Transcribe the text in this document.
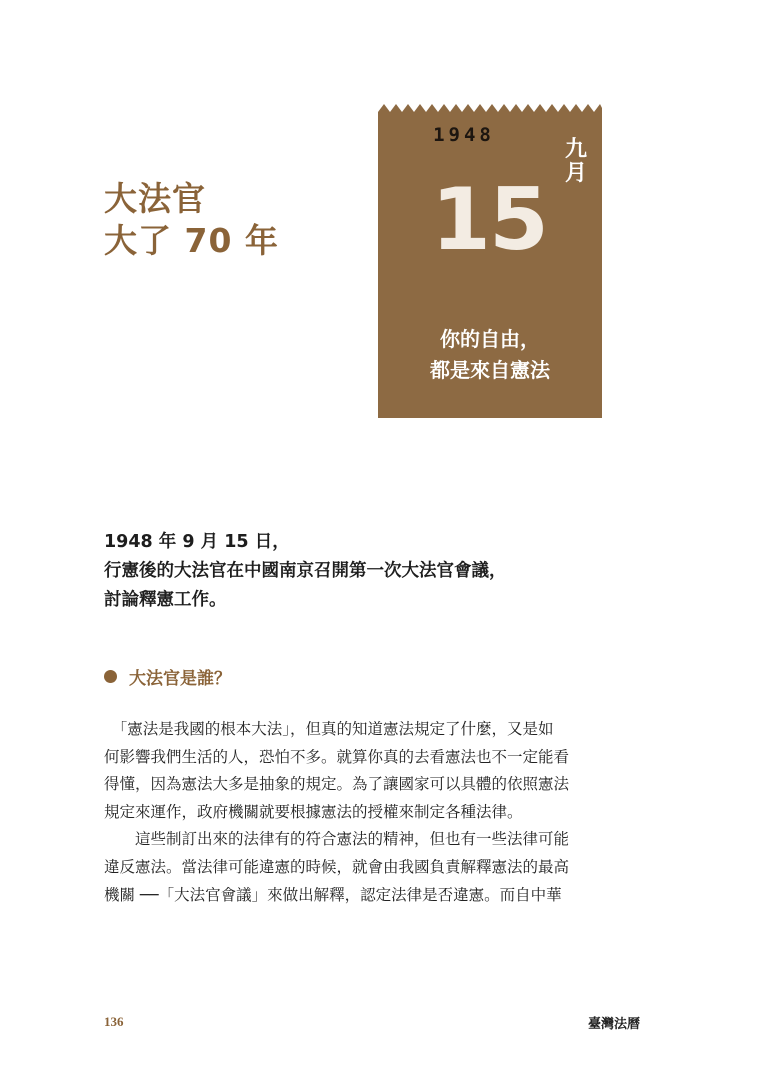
大法官
大了 70 年
1948
九月
15
你的自由，
都是來自憲法
1948 年 9 月 15 日，
行憲後的大法官在中國南京召開第一次大法官會議，
討論釋憲工作。
大法官是誰？
　「憲法是我國的根本大法」，但真的知道憲法規定了什麼，又是如
何影響我們生活的人，恐怕不多。就算你真的去看憲法也不一定能看
得懂，因為憲法大多是抽象的規定。為了讓國家可以具體的依照憲法
規定來運作，政府機關就要根據憲法的授權來制定各種法律。
　　這些制訂出來的法律有的符合憲法的精神，但也有一些法律可能
違反憲法。當法律可能違憲的時候，就會由我國負責解釋憲法的最高
機關 ──「大法官會議」來做出解釋，認定法律是否違憲。而自中華
136	臺灣法曆
